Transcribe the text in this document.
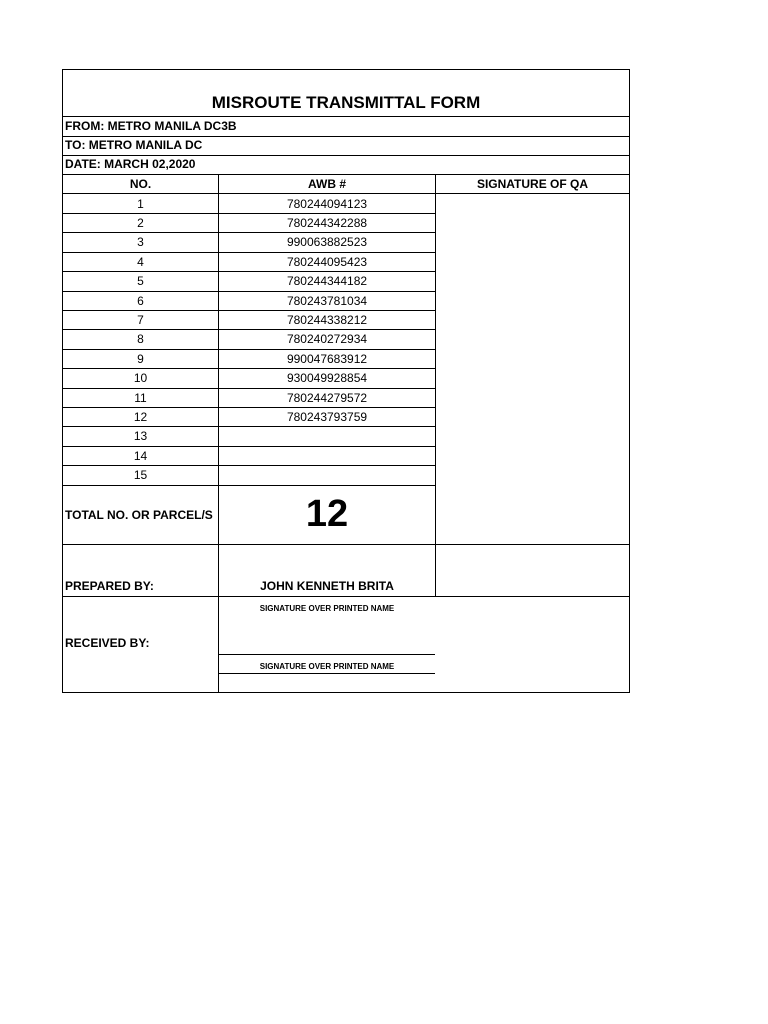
MISROUTE TRANSMITTAL FORM
FROM: METRO MANILA DC3B
TO: METRO MANILA DC
DATE: MARCH 02,2020
NO.	AWB #	SIGNATURE OF QA
1	780244094123
2	780244342288
3	990063882523
4	780244095423
5	780244344182
6	780243781034
7	780244338212
8	780240272934
9	990047683912
10	930049928854
11	780244279572
12	780243793759
13
14
15
TOTAL NO. OR PARCEL/S	12
PREPARED BY:	JOHN KENNETH BRITA
SIGNATURE OVER PRINTED NAME
RECEIVED BY:
SIGNATURE OVER PRINTED NAME
